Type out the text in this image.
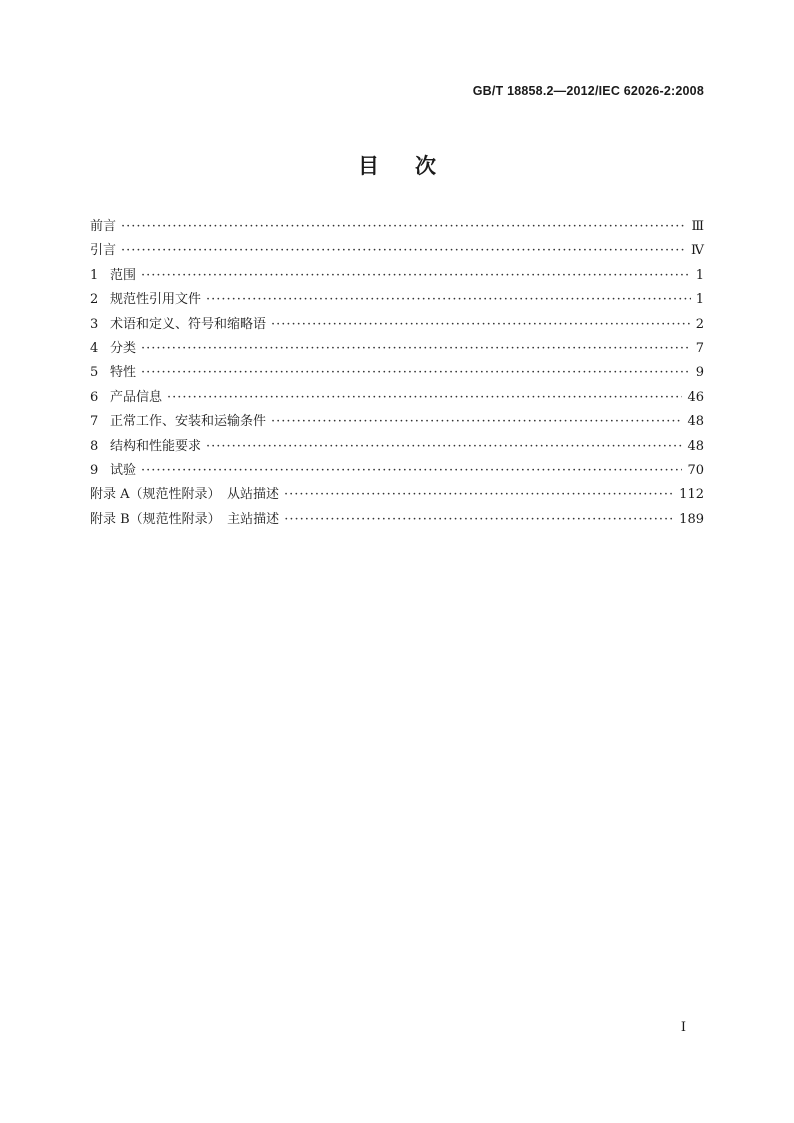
GB/T 18858.2—2012/IEC 62026-2:2008
目次
前言 ·····	Ⅲ
引言 ·····	Ⅳ
1 范围 ·····	1
2 规范性引用文件 ·····	1
3 术语和定义、符号和缩略语 ·····	2
4 分类 ·····	7
5 特性 ·····	9
6 产品信息 ·····	46
7 正常工作、安装和运输条件 ·····	48
8 结构和性能要求 ·····	48
9 试验 ·····	70
附录 A（规范性附录）　从站描述 ·····	112
附录 B（规范性附录）　主站描述 ·····	189
Ⅰ
